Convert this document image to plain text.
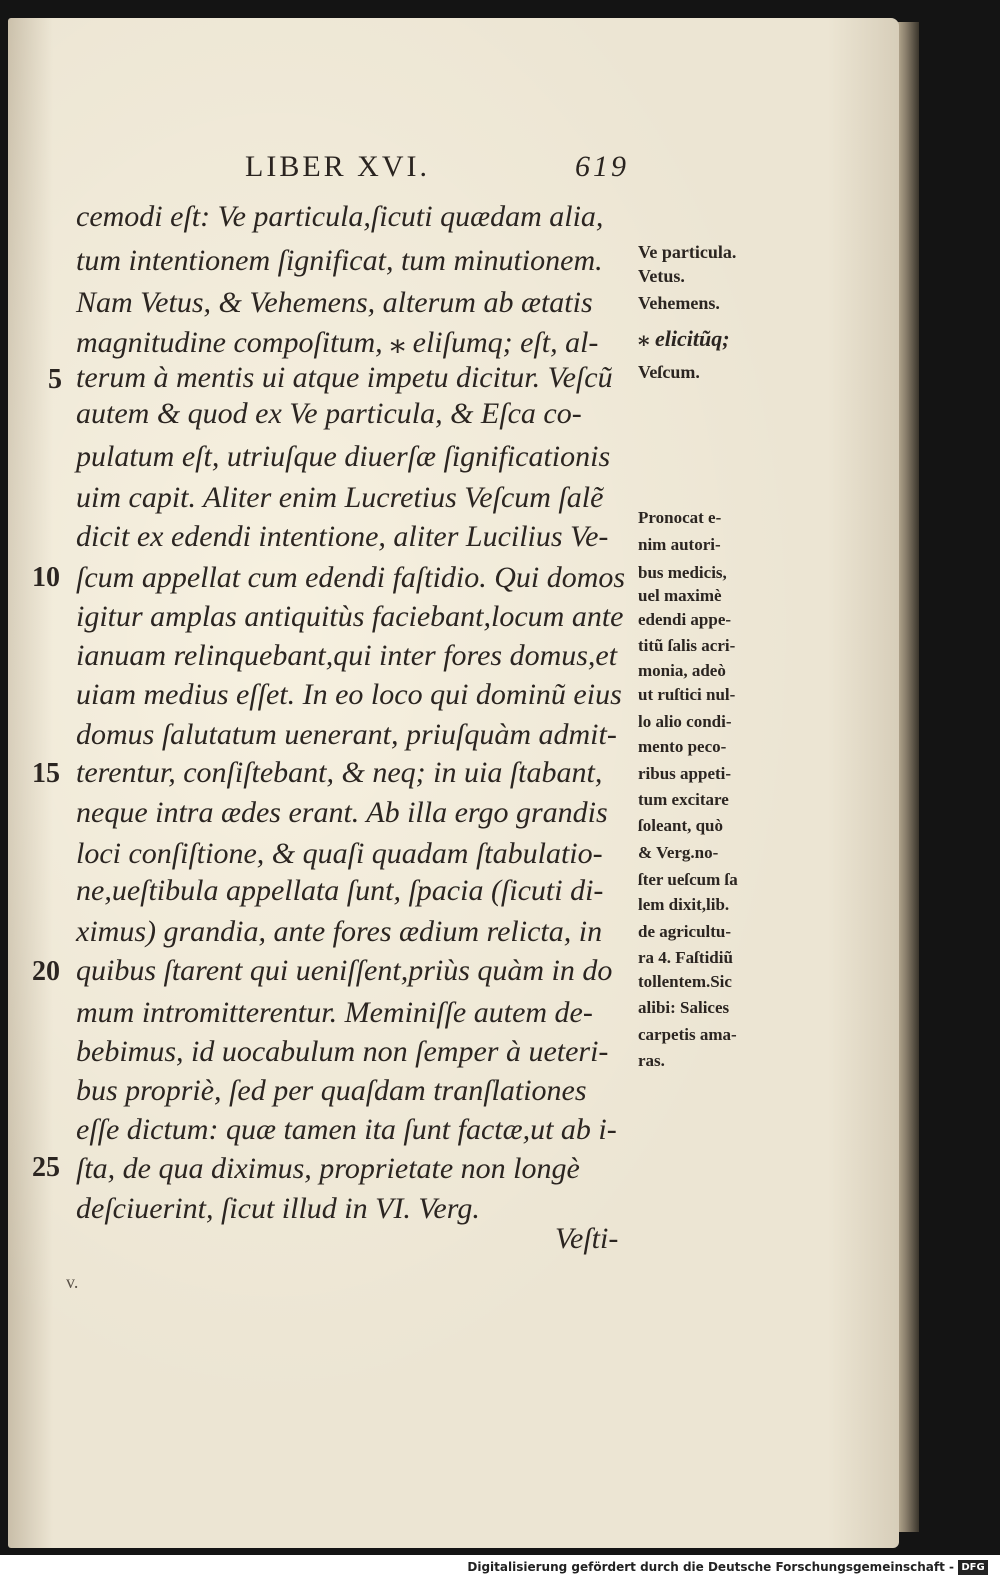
LIBER XVI.	619
cemodi eſt: Ve particula,ſicuti quædam alia,
tum intentionem ſignificat, tum minutionem.
Nam Vetus, & Vehemens, alterum ab ætatis
magnitudine compoſitum, ⁎ eliſumq; eſt, al-
terum à mentis ui atque impetu dicitur. Veſcũ
autem & quod ex Ve particula, & Eſca co-
pulatum eſt, utriuſque diuerſæ ſignificationis
uim capit. Aliter enim Lucretius Veſcum ſalẽ
dicit ex edendi intentione, aliter Lucilius Ve-
ſcum appellat cum edendi faſtidio. Qui domos
igitur amplas antiquitùs faciebant,locum ante
ianuam relinquebant,qui inter fores domus,et
uiam medius eſſet. In eo loco qui dominũ eius
domus ſalutatum uenerant, priuſquàm admit-
terentur, conſiſtebant, & neq; in uia ſtabant,
neque intra ædes erant. Ab illa ergo grandis
loci conſiſtione, & quaſi quadam ſtabulatio-
ne,ueſtibula appellata ſunt, ſpacia (ſicuti di-
ximus) grandia, ante fores ædium relicta, in
quibus ſtarent qui ueniſſent,priùs quàm in do
mum intromitterentur. Meminiſſe autem de-
bebimus, id uocabulum non ſemper à ueteri-
bus propriè, ſed per quaſdam tranſlationes
eſſe dictum: quæ tamen ita ſunt factæ,ut ab i-
ſta, de qua diximus, proprietate non longè
deſciuerint, ſicut illud in VI. Verg.
5
10
15
20
25
Ve particula.
Vetus.
Vehemens.
⁎ elicitũq;
Veſcum.
Pronocat e-
nim autori-
bus medicis,
uel maximè
edendi appe-
titũ ſalis acri-
monia, adeò
ut ruſtici nul-
lo alio condi-
mento peco-
ribus appeti-
tum excitare
ſoleant, quò
& Verg.no-
ſter ueſcum ſa
lem dixit,lib.
de agricultu-
ra 4. Faſtidiũ
tollentem.Sic
alibi: Salices
carpetis ama-
ras.
Veſti-
v.
Digitalisierung gefördert durch die Deutsche Forschungsgemeinschaft - DFG
